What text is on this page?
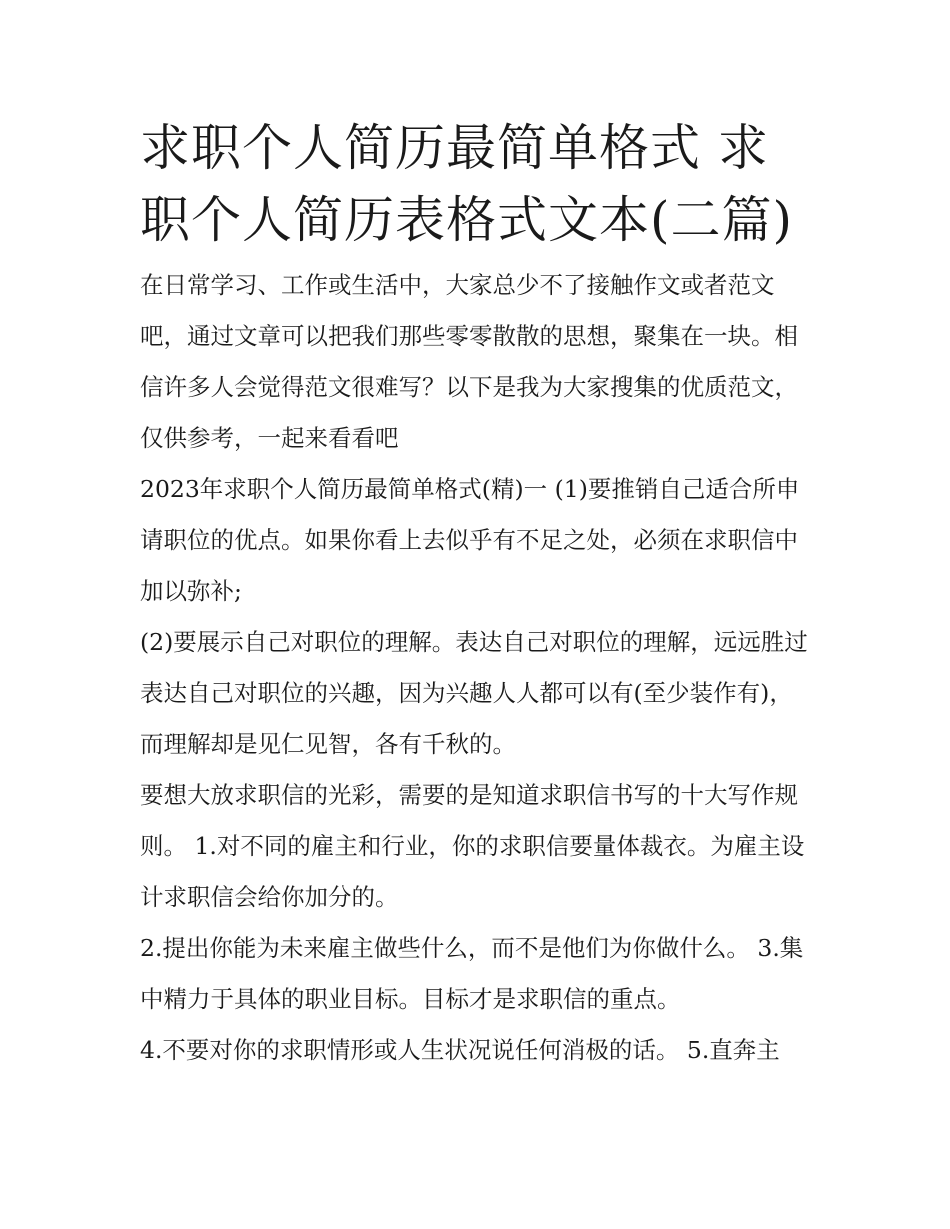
求职个人简历最简单格式 求职个人简历表格式文本(二篇)

在日常学习、工作或生活中，大家总少不了接触作文或者范文吧，通过文章可以把我们那些零零散散的思想，聚集在一块。相信许多人会觉得范文很难写？以下是我为大家搜集的优质范文，仅供参考，一起来看看吧

2023年求职个人简历最简单格式(精)一 (1)要推销自己适合所申请职位的优点。如果你看上去似乎有不足之处，必须在求职信中加以弥补;

(2)要展示自己对职位的理解。表达自己对职位的理解，远远胜过表达自己对职位的兴趣，因为兴趣人人都可以有(至少装作有)，而理解却是见仁见智，各有千秋的。

要想大放求职信的光彩，需要的是知道求职信书写的十大写作规则。 1.对不同的雇主和行业，你的求职信要量体裁衣。为雇主设计求职信会给你加分的。

2.提出你能为未来雇主做些什么，而不是他们为你做什么。 3.集中精力于具体的职业目标。目标才是求职信的重点。

4.不要对你的求职情形或人生状况说任何消极的话。 5.直奔主
